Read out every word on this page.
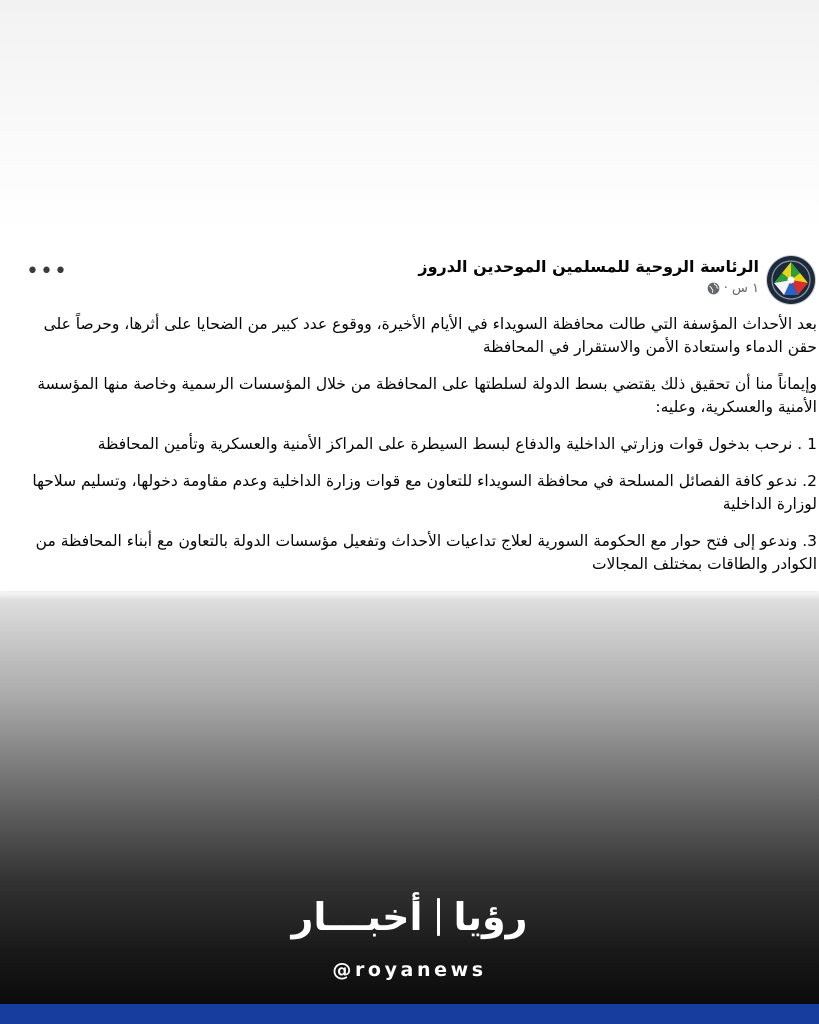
الرئاسة الروحية للمسلمين الموحدين الدروز
١ س ·
•••

بعد الأحداث المؤسفة التي طالت محافظة السويداء في الأيام الأخيرة، ووقوع عدد كبير من الضحايا على أثرها، وحرصاً على حقن الدماء واستعادة الأمن والاستقرار في المحافظة

وإيماناً منا أن تحقيق ذلك يقتضي بسط الدولة لسلطتها على المحافظة من خلال المؤسسات الرسمية وخاصة منها المؤسسة الأمنية والعسكرية، وعليه:

1 . نرحب بدخول قوات وزارتي الداخلية والدفاع لبسط السيطرة على المراكز الأمنية والعسكرية وتأمين المحافظة

2. ندعو كافة الفصائل المسلحة في محافظة السويداء للتعاون مع قوات وزارة الداخلية وعدم مقاومة دخولها، وتسليم سلاحها لوزارة الداخلية

3. وندعو إلى فتح حوار مع الحكومة السورية لعلاج تداعيات الأحداث وتفعيل مؤسسات الدولة بالتعاون مع أبناء المحافظة من الكوادر والطاقات بمختلف المجالات

رؤيا
أخبـــار
@royanews
